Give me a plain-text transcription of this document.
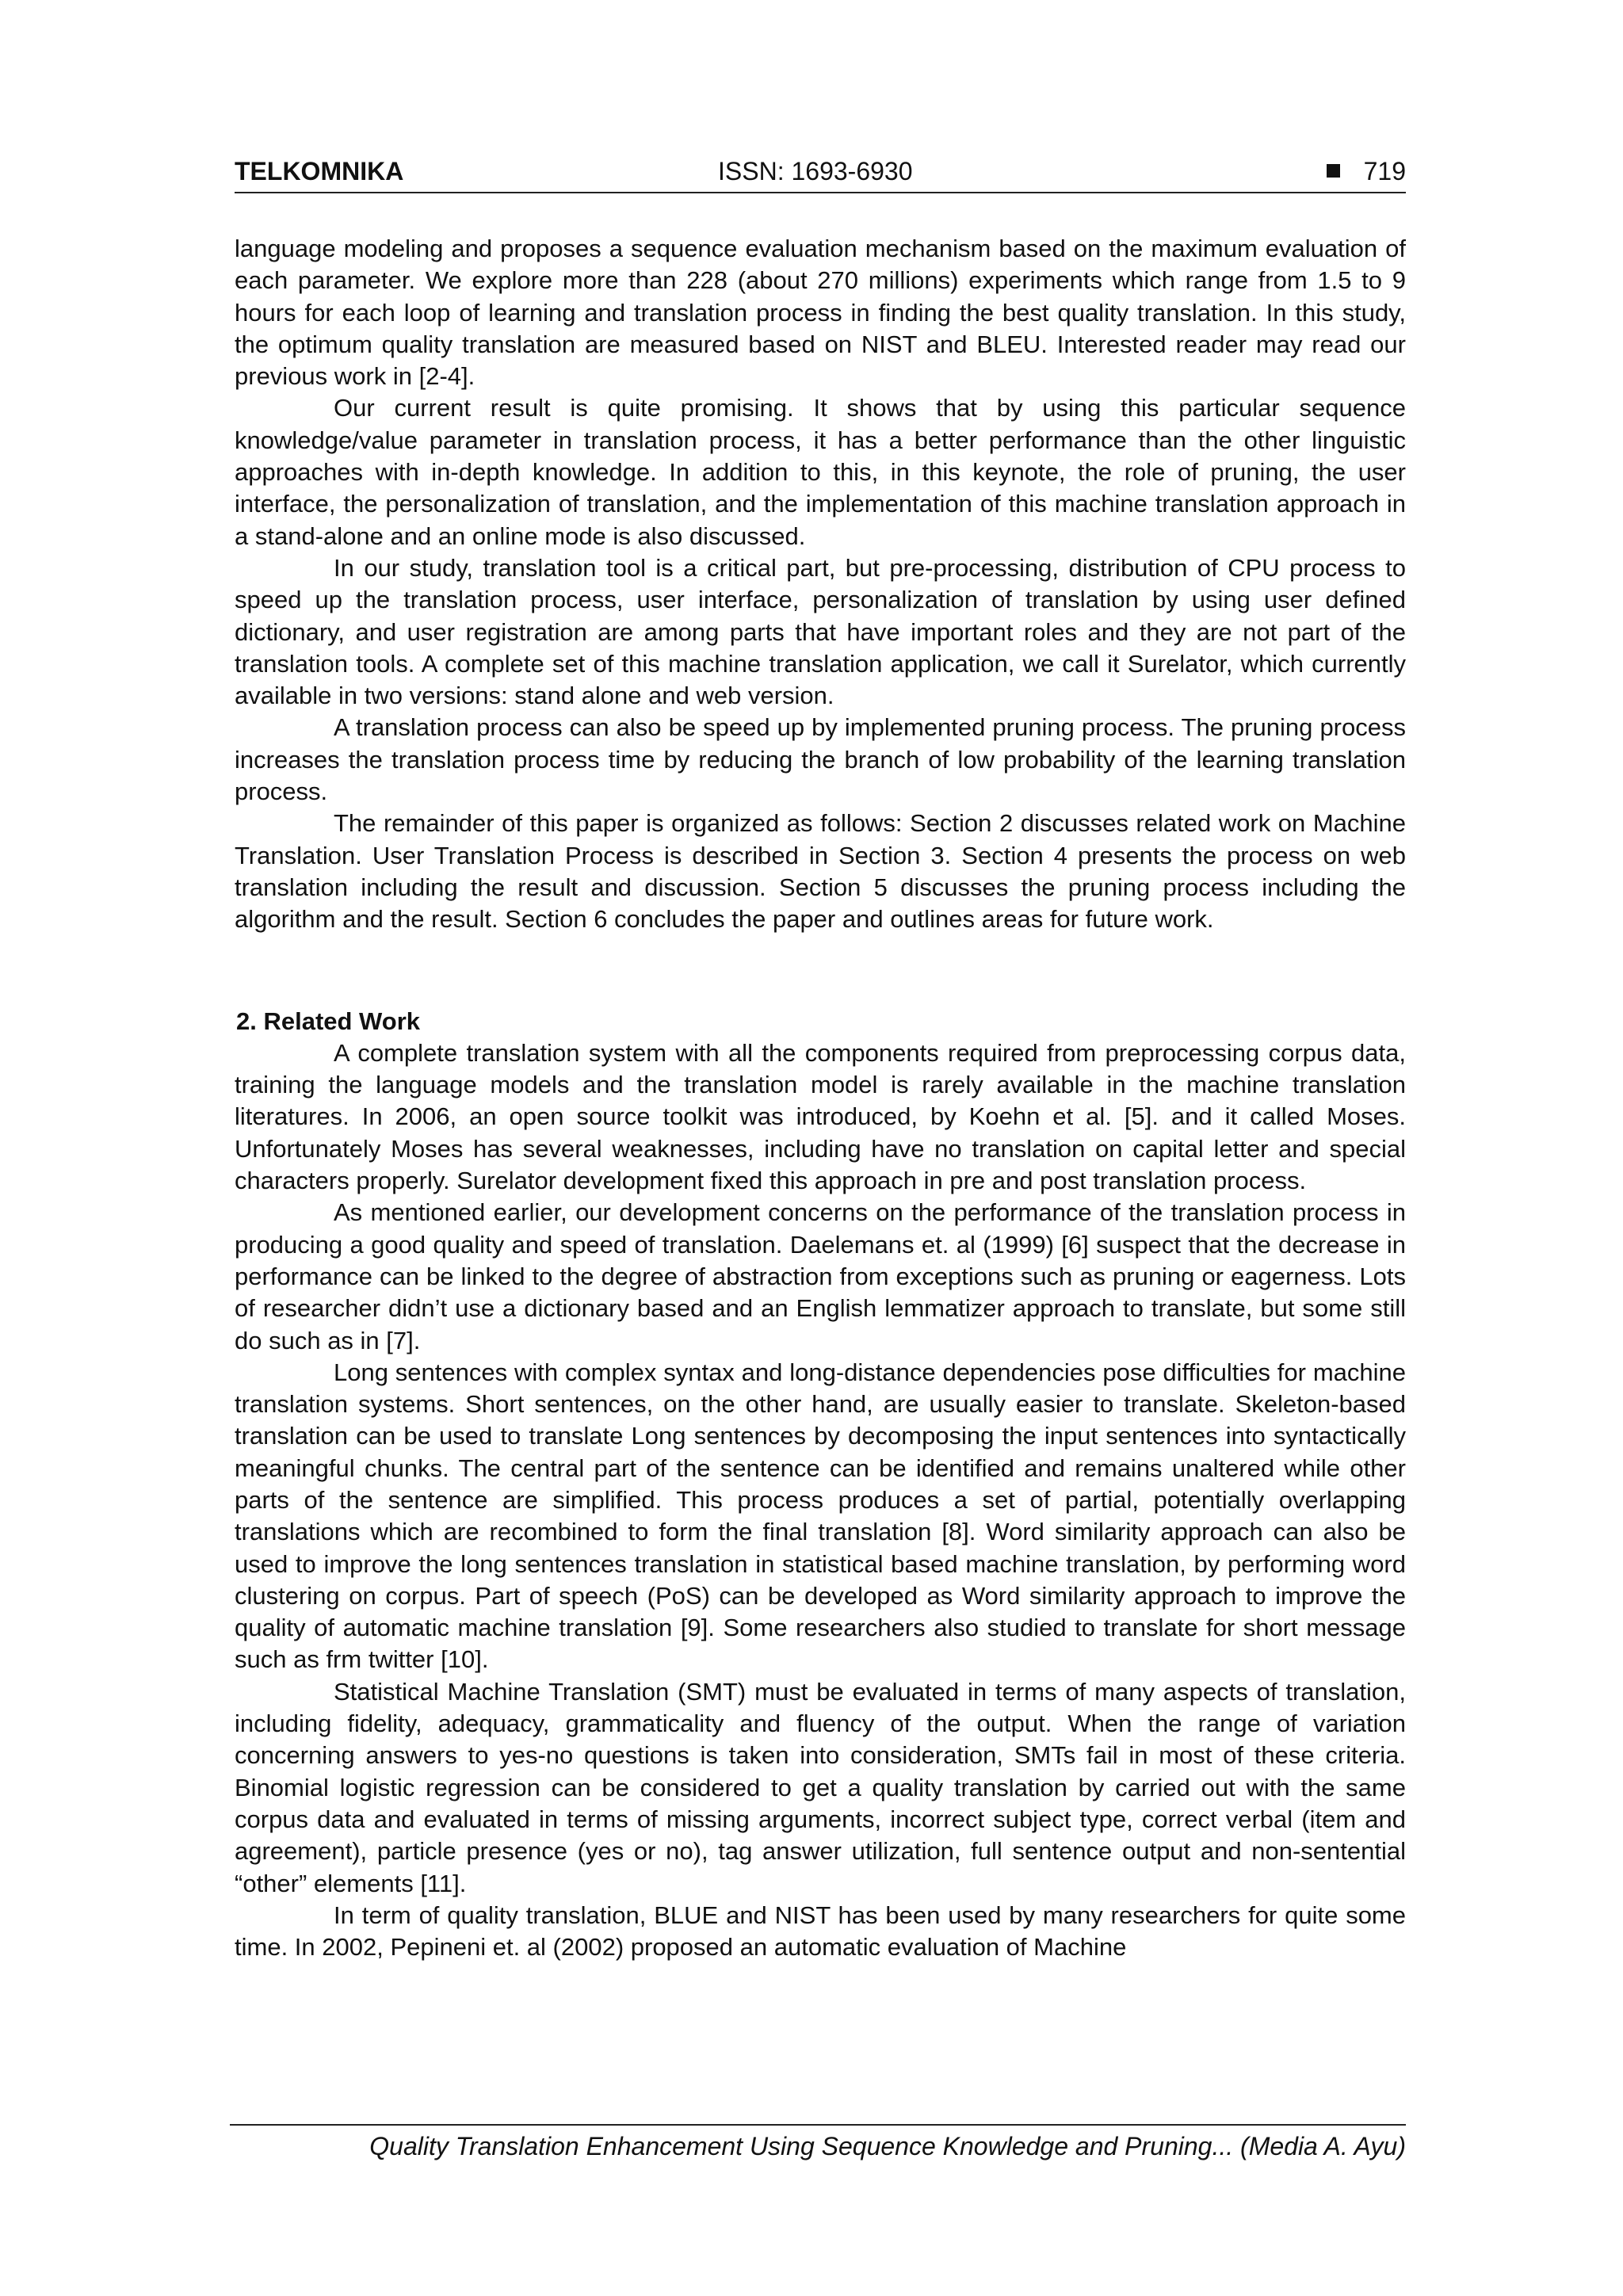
TELKOMNIKA	ISSN: 1693-6930	719

language modeling and proposes a sequence evaluation mechanism based on the maximum evaluation of each parameter. We explore more than 228 (about 270 millions) experiments which range from 1.5 to 9 hours for each loop of learning and translation process in finding the best quality translation. In this study, the optimum quality translation are measured based on NIST and BLEU. Interested reader may read our previous work in [2-4].

Our current result is quite promising. It shows that by using this particular sequence knowledge/value parameter in translation process, it has a better performance than the other linguistic approaches with in-depth knowledge. In addition to this, in this keynote, the role of pruning, the user interface, the personalization of translation, and the implementation of this machine translation approach in a stand-alone and an online mode is also discussed.

In our study, translation tool is a critical part, but pre-processing, distribution of CPU process to speed up the translation process, user interface, personalization of translation by using user defined dictionary, and user registration are among parts that have important roles and they are not part of the translation tools. A complete set of this machine translation application, we call it Surelator, which currently available in two versions: stand alone and web version.

A translation process can also be speed up by implemented pruning process. The pruning process increases the translation process time by reducing the branch of low probability of the learning translation process.

The remainder of this paper is organized as follows: Section 2 discusses related work on Machine Translation. User Translation Process is described in Section 3. Section 4 presents the process on web translation including the result and discussion. Section 5 discusses the pruning process including the algorithm and the result. Section 6 concludes the paper and outlines areas for future work.

2. Related Work

A complete translation system with all the components required from preprocessing corpus data, training the language models and the translation model is rarely available in the machine translation literatures. In 2006, an open source toolkit was introduced, by Koehn et al. [5]. and it called Moses. Unfortunately Moses has several weaknesses, including have no translation on capital letter and special characters properly. Surelator development fixed this approach in pre and post translation process.

As mentioned earlier, our development concerns on the performance of the translation process in producing a good quality and speed of translation. Daelemans et. al (1999) [6] suspect that the decrease in performance can be linked to the degree of abstraction from exceptions such as pruning or eagerness. Lots of researcher didn’t use a dictionary based and an English lemmatizer approach to translate, but some still do such as in [7].

Long sentences with complex syntax and long-distance dependencies pose difficulties for machine translation systems. Short sentences, on the other hand, are usually easier to translate. Skeleton-based translation can be used to translate Long sentences by decomposing the input sentences into syntactically meaningful chunks. The central part of the sentence can be identified and remains unaltered while other parts of the sentence are simplified. This process produces a set of partial, potentially overlapping translations which are recombined to form the final translation [8]. Word similarity approach can also be used to improve the long sentences translation in statistical based machine translation, by performing word clustering on corpus. Part of speech (PoS) can be developed as Word similarity approach to improve the quality of automatic machine translation [9]. Some researchers also studied to translate for short message such as frm twitter [10].

Statistical Machine Translation (SMT) must be evaluated in terms of many aspects of translation, including fidelity, adequacy, grammaticality and fluency of the output. When the range of variation concerning answers to yes-no questions is taken into consideration, SMTs fail in most of these criteria. Binomial logistic regression can be considered to get a quality translation by carried out with the same corpus data and evaluated in terms of missing arguments, incorrect subject type, correct verbal (item and agreement), particle presence (yes or no), tag answer utilization, full sentence output and non-sentential “other” elements [11].

In term of quality translation, BLUE and NIST has been used by many researchers for quite some time. In 2002, Pepineni et. al (2002) proposed an automatic evaluation of Machine

Quality Translation Enhancement Using Sequence Knowledge and Pruning... (Media A. Ayu)
